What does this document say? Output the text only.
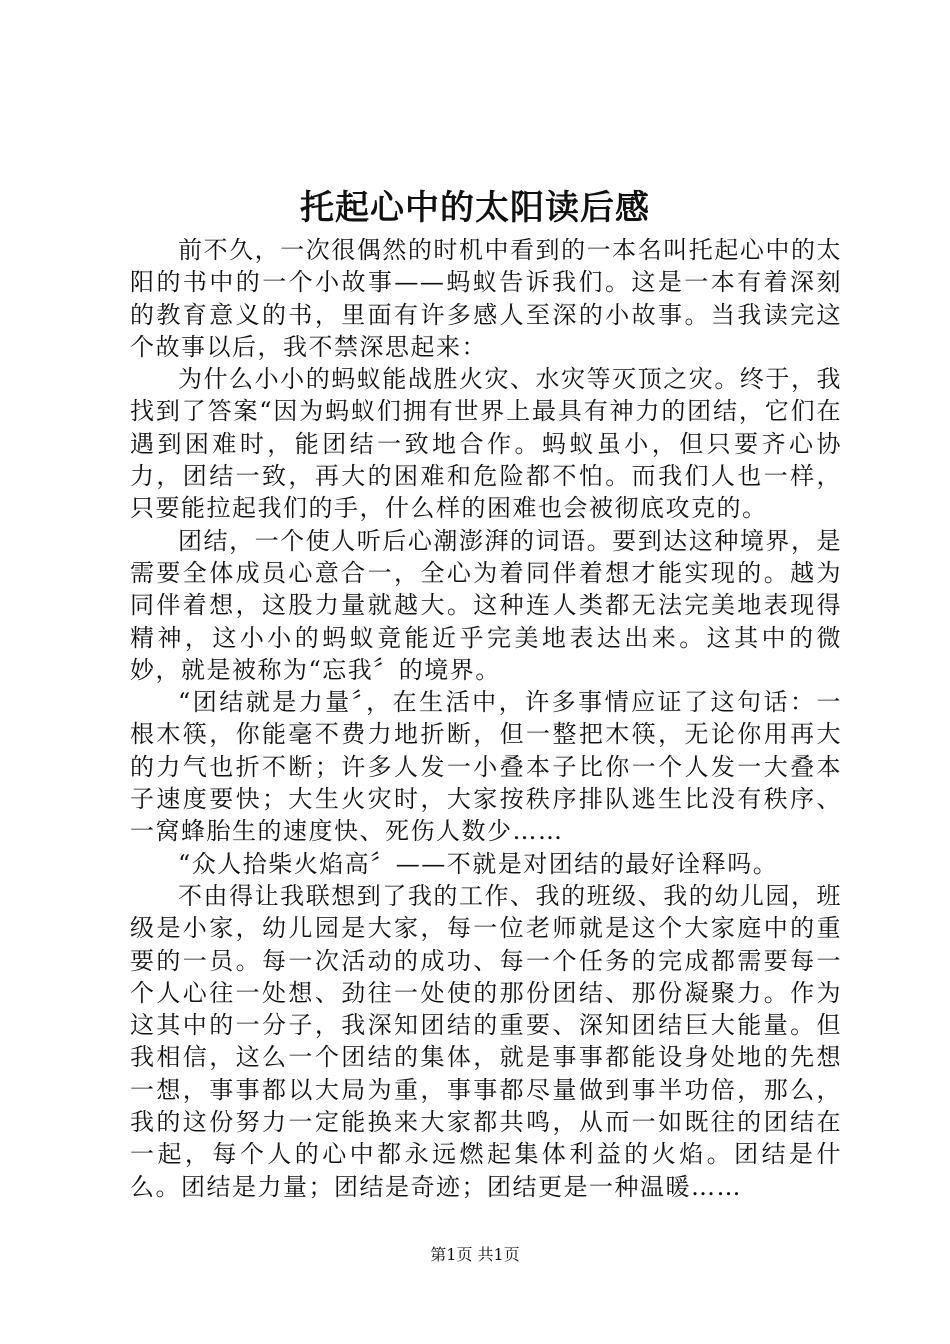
托起心中的太阳读后感

前不久，一次很偶然的时机中看到的一本名叫托起心中的太阳的书中的一个小故事——蚂蚁告诉我们。这是一本有着深刻的教育意义的书，里面有许多感人至深的小故事。当我读完这个故事以后，我不禁深思起来：

为什么小小的蚂蚁能战胜火灾、水灾等灭顶之灾。终于，我找到了答案“因为蚂蚁们拥有世界上最具有神力的团结，它们在遇到困难时，能团结一致地合作。蚂蚁虽小，但只要齐心协力，团结一致，再大的困难和危险都不怕。而我们人也一样，只要能拉起我们的手，什么样的困难也会被彻底攻克的。

团结，一个使人听后心潮澎湃的词语。要到达这种境界，是需要全体成员心意合一，全心为着同伴着想才能实现的。越为同伴着想，这股力量就越大。这种连人类都无法完美地表现得精神，这小小的蚂蚁竟能近乎完美地表达出来。这其中的微妙，就是被称为“忘我〞的境界。

“团结就是力量〞，在生活中，许多事情应证了这句话：一根木筷，你能毫不费力地折断，但一整把木筷，无论你用再大的力气也折不断；许多人发一小叠本子比你一个人发一大叠本子速度要快；大生火灾时，大家按秩序排队逃生比没有秩序、一窝蜂胎生的速度快、死伤人数少……

“众人拾柴火焰高〞——不就是对团结的最好诠释吗。

不由得让我联想到了我的工作、我的班级、我的幼儿园，班级是小家，幼儿园是大家，每一位老师就是这个大家庭中的重要的一员。每一次活动的成功、每一个任务的完成都需要每一个人心往一处想、劲往一处使的那份团结、那份凝聚力。作为这其中的一分子，我深知团结的重要、深知团结巨大能量。但我相信，这么一个团结的集体，就是事事都能设身处地的先想一想，事事都以大局为重，事事都尽量做到事半功倍，那么，我的这份努力一定能换来大家都共鸣，从而一如既往的团结在一起，每个人的心中都永远燃起集体利益的火焰。团结是什么。团结是力量；团结是奇迹；团结更是一种温暖……

第1页 共1页
